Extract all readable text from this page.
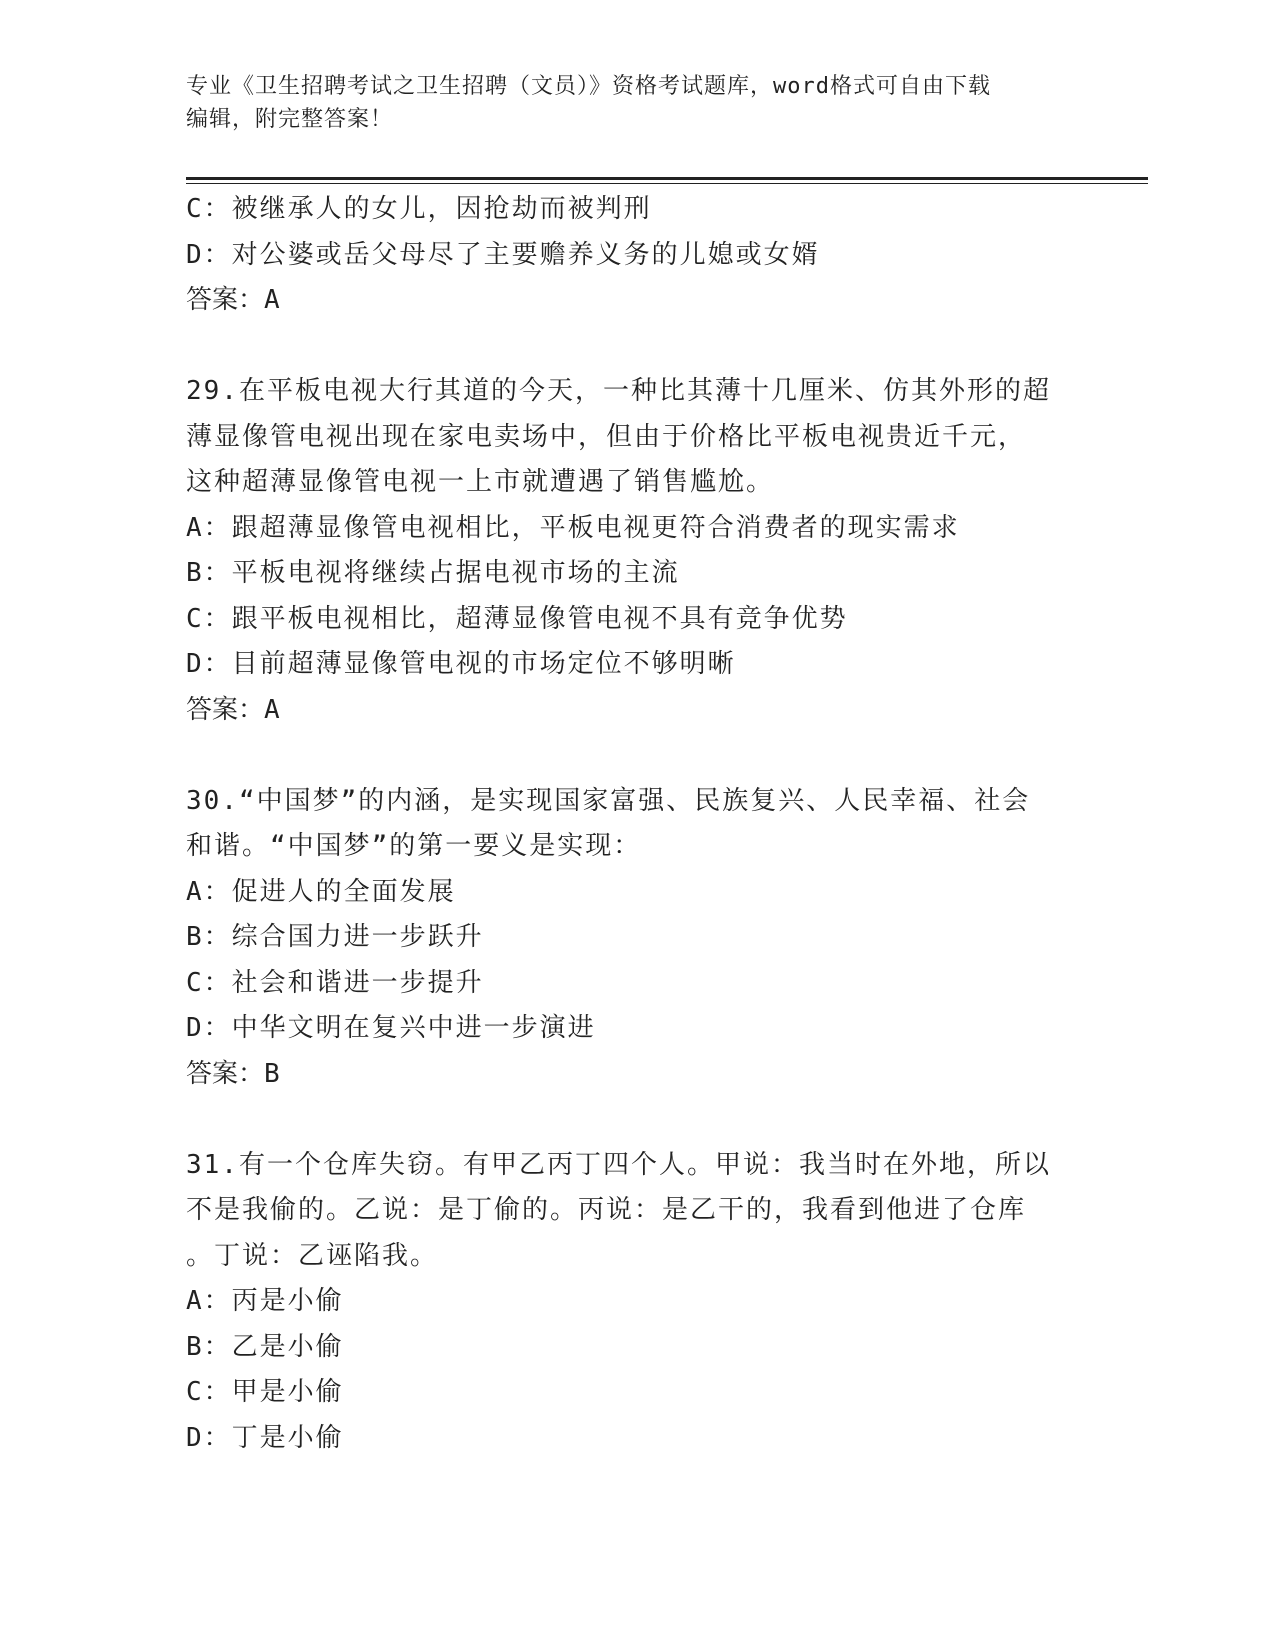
专业《卫生招聘考试之卫生招聘（文员）》资格考试题库，word格式可自由下载
编辑，附完整答案！
C：被继承人的女儿，因抢劫而被判刑
D：对公婆或岳父母尽了主要赡养义务的儿媳或女婿
答案：A
29.在平板电视大行其道的今天，一种比其薄十几厘米、仿其外形的超
薄显像管电视出现在家电卖场中，但由于价格比平板电视贵近千元，
这种超薄显像管电视一上市就遭遇了销售尴尬。
A：跟超薄显像管电视相比，平板电视更符合消费者的现实需求
B：平板电视将继续占据电视市场的主流
C：跟平板电视相比，超薄显像管电视不具有竞争优势
D：目前超薄显像管电视的市场定位不够明晰
答案：A
30.“中国梦”的内涵，是实现国家富强、民族复兴、人民幸福、社会
和谐。“中国梦”的第一要义是实现：
A：促进人的全面发展
B：综合国力进一步跃升
C：社会和谐进一步提升
D：中华文明在复兴中进一步演进
答案：B
31.有一个仓库失窃。有甲乙丙丁四个人。甲说：我当时在外地，所以
不是我偷的。乙说：是丁偷的。丙说：是乙干的，我看到他进了仓库
。丁说：乙诬陷我。
A：丙是小偷
B：乙是小偷
C：甲是小偷
D：丁是小偷
